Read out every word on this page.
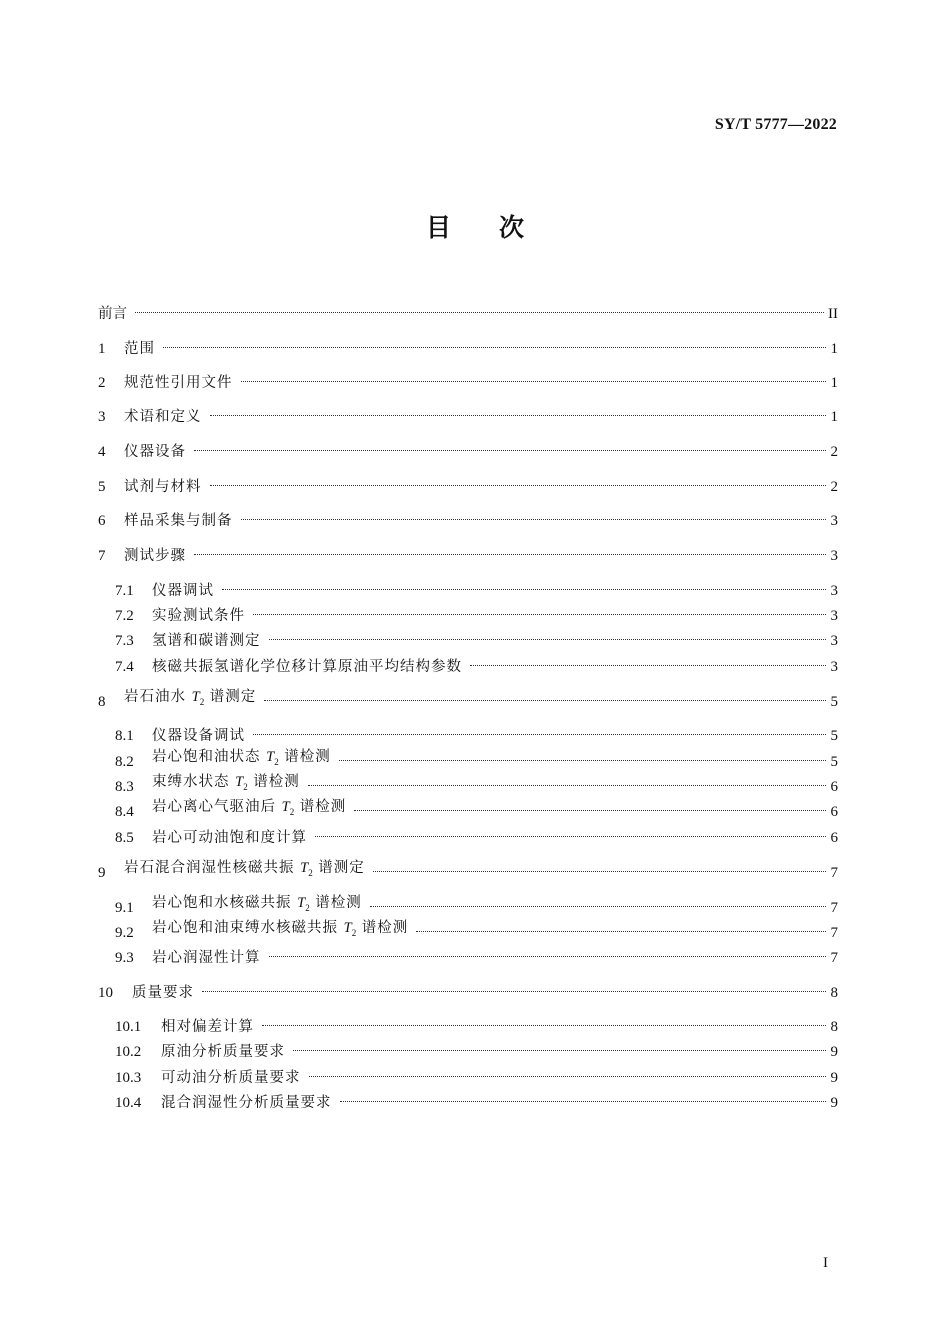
SY/T 5777—2022
目次
前言	II
1	范围	1
2	规范性引用文件	1
3	术语和定义	1
4	仪器设备	2
5	试剂与材料	2
6	样品采集与制备	3
7	测试步骤	3
7.1	仪器调试	3
7.2	实验测试条件	3
7.3	氢谱和碳谱测定	3
7.4	核磁共振氢谱化学位移计算原油平均结构参数	3
8	岩石油水 $T_2$ 谱测定	5
8.1	仪器设备调试	5
8.2	岩心饱和油状态 $T_2$ 谱检测	5
8.3	束缚水状态 $T_2$ 谱检测	6
8.4	岩心离心气驱油后 $T_2$ 谱检测	6
8.5	岩心可动油饱和度计算	6
9	岩石混合润湿性核磁共振 $T_2$ 谱测定	7
9.1	岩心饱和水核磁共振 $T_2$ 谱检测	7
9.2	岩心饱和油束缚水核磁共振 $T_2$ 谱检测	7
9.3	岩心润湿性计算	7
10	质量要求	8
10.1	相对偏差计算	8
10.2	原油分析质量要求	9
10.3	可动油分析质量要求	9
10.4	混合润湿性分析质量要求	9
I
